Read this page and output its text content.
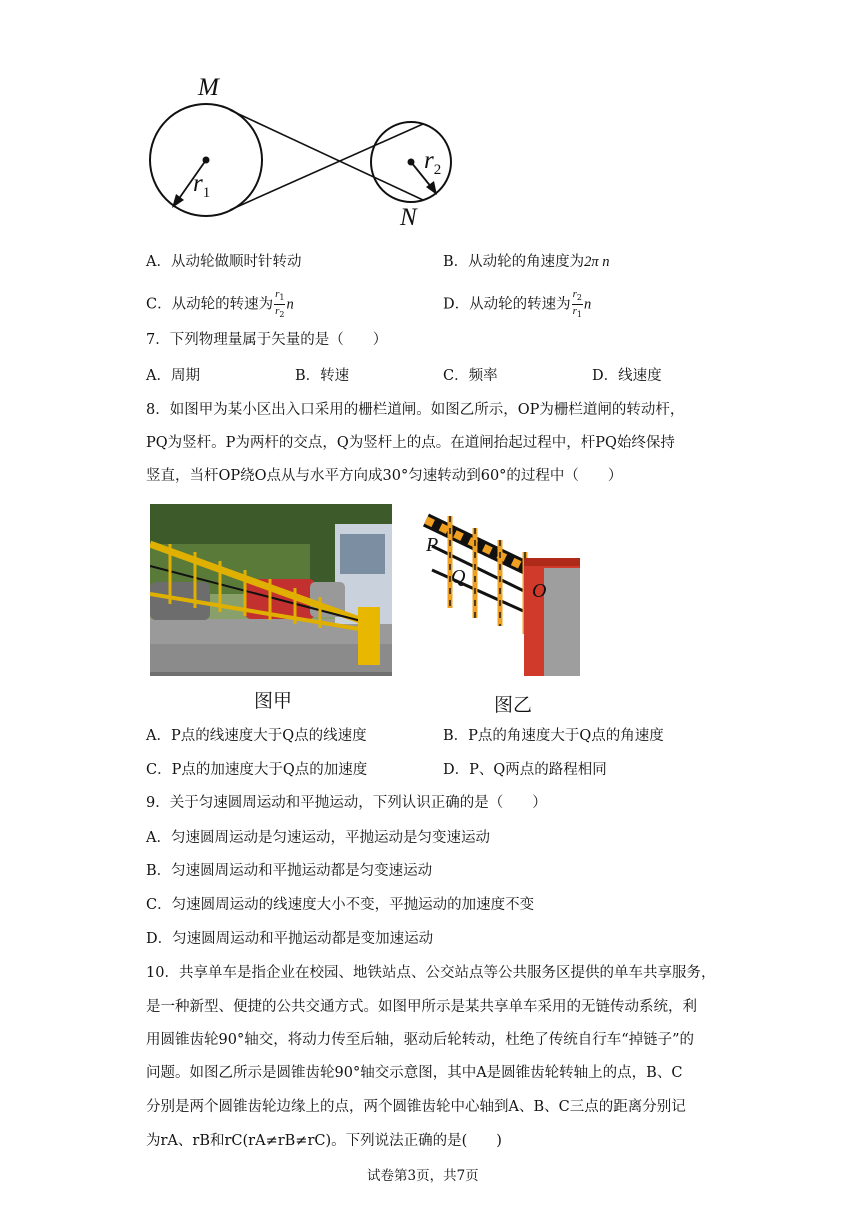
M
N
$r_1$
$r_2$
A．从动轮做顺时针转动	B．从动轮的角速度为2π n
C．从动轮的转速为 $\frac{r_1}{r_2}$ n	D．从动轮的转速为 $\frac{r_2}{r_1}$ n
7．下列物理量属于矢量的是（　　）
A．周期	B．转速	C．频率	D．线速度
8．如图甲为某小区出入口采用的栅栏道闸。如图乙所示，OP为栅栏道闸的转动杆，
PQ为竖杆。P为两杆的交点，Q为竖杆上的点。在道闸抬起过程中，杆PQ始终保持
竖直，当杆OP绕O点从与水平方向成30°匀速转动到60°的过程中（　　）
图甲
P
Q
O
图乙
A．P点的线速度大于Q点的线速度	B．P点的角速度大于Q点的角速度
C．P点的加速度大于Q点的加速度	D．P、Q两点的路程相同
9．关于匀速圆周运动和平抛运动，下列认识正确的是（　　）
A．匀速圆周运动是匀速运动，平抛运动是匀变速运动
B．匀速圆周运动和平抛运动都是匀变速运动
C．匀速圆周运动的线速度大小不变，平抛运动的加速度不变
D．匀速圆周运动和平抛运动都是变加速运动
10．共享单车是指企业在校园、地铁站点、公交站点等公共服务区提供的单车共享服务，
是一种新型、便捷的公共交通方式。如图甲所示是某共享单车采用的无链传动系统，利
用圆锥齿轮90°轴交，将动力传至后轴，驱动后轮转动，杜绝了传统自行车“掉链子”的
问题。如图乙所示是圆锥齿轮90°轴交示意图，其中A是圆锥齿轮转轴上的点，B、C
分别是两个圆锥齿轮边缘上的点，两个圆锥齿轮中心轴到A、B、C三点的距离分别记
为rA、rB和rC(rA≠rB≠rC)。下列说法正确的是(　　)
试卷第3页，共7页
